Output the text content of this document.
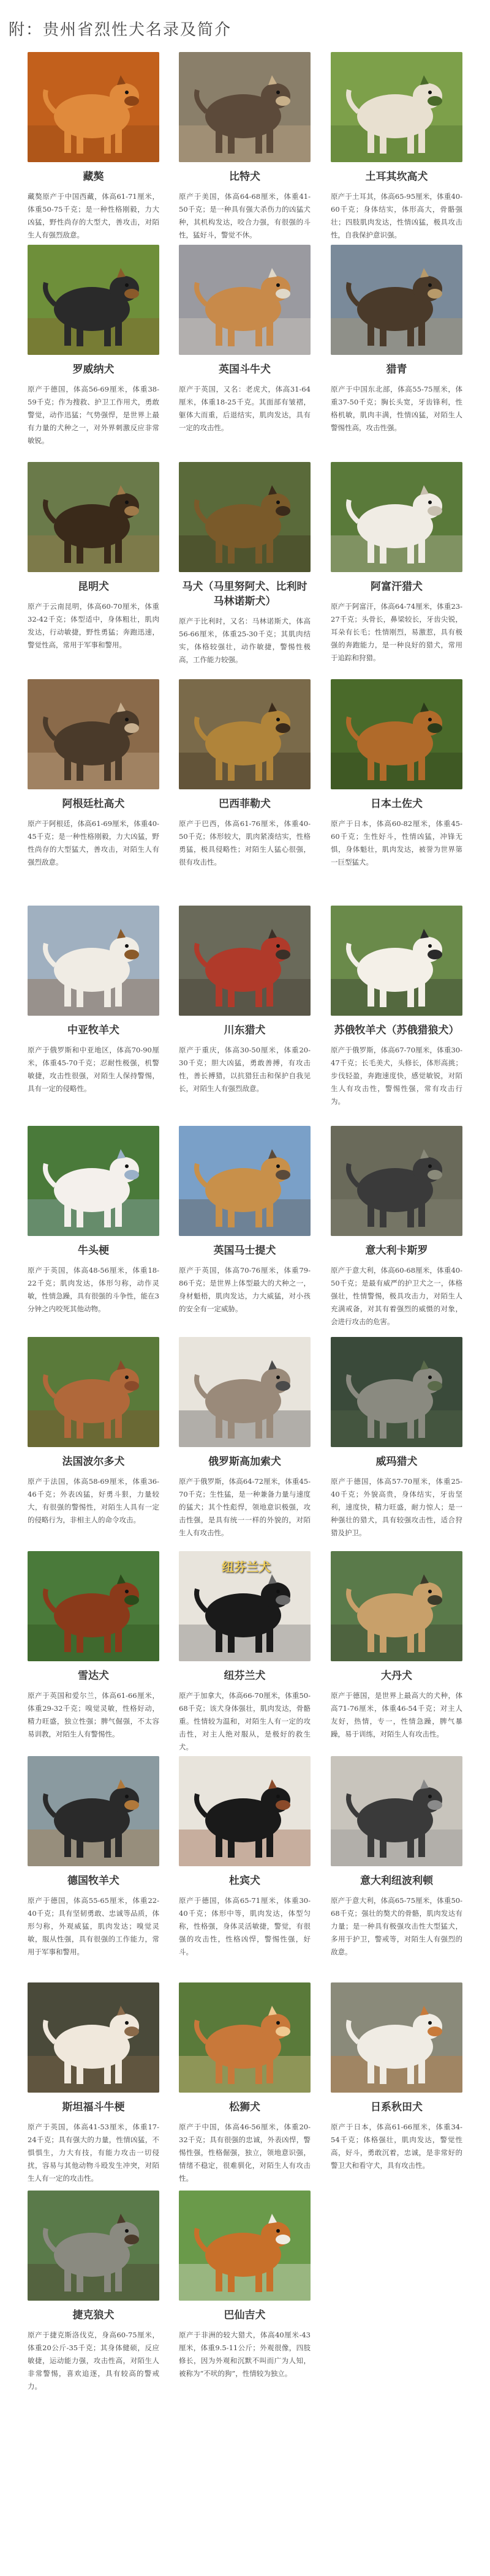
附：贵州省烈性犬名录及简介
藏獒

藏獒原产于中国西藏，体高61-71厘米，体重50-75千克；是一种性格刚毅，力大凶猛，野性尚存的大型犬，善攻击，对陌生人有强烈敌意。

比特犬

原产于美国，体高64-68厘米，体重41-50千克；是一种具有强大杀伤力的凶猛犬种，其机构发达，咬合力强，有很强的斗性，猛好斗，警觉不休。

土耳其坎高犬

原产于土耳其，体高65-95厘米，体重40-60千克；身体结实，体形高大，骨骼强壮；四肢肌肉发达，性情凶猛，极具攻击性，自我保护意识强。

罗威纳犬

原产于德国，体高56-69厘米，体重38-59千克；作为搜救、护卫工作用犬，勇敢警觉，动作迅猛；气势强悍，是世界上最有力量的犬种之一，对外界刺激反应非常敏锐。

英国斗牛犬

原产于英国，又名：老虎犬，体高31-64厘米，体重18-25千克。其面部有皱褶，躯体大而重，后退结实，肌肉发达，具有一定的攻击性。

猎青

原产于中国东北部，体高55-75厘米，体重37-50千克；胸长头宽，牙齿锋利，性格机敏，肌肉丰满，性情凶猛，对陌生人警惕性高，攻击性强。

昆明犬

原产于云南昆明，体高60-70厘米，体重32-42千克；体型适中，身体粗壮，肌肉发达，行动敏捷，野性勇猛；奔跑迅速，警觉性高，常用于军事和警用。

马犬（马里努阿犬、比利时马林诺斯犬）

原产于比利时，又名：马林诺斯犬，体高56-66厘米，体重25-30千克；其肌肉结实，体格较强壮，动作敏捷，警惕性极高，工作能力较强。

阿富汗猎犬

原产于阿富汗，体高64-74厘米，体重23-27千克；头骨长，鼻梁较长，牙齿尖锐，耳朵有长毛；性情刚烈，易激惹，具有极强的奔跑能力，是一种良好的猎犬，常用于追踪和狩猎。

阿根廷杜高犬

原产于阿根廷，体高61-69厘米，体重40-45千克；是一种性格刚毅，力大凶猛，野性尚存的大型猛犬，善攻击，对陌生人有强烈敌意。

巴西菲勒犬

原产于巴西，体高61-76厘米，体重40-50千克；体形较大，肌肉紧凑结实，性格勇猛，极具侵略性；对陌生人猛心很强，很有攻击性。

日本土佐犬

原产于日本，体高60-82厘米，体重45-60千克；生性好斗，性情凶猛，冲锋无惧，身体魁壮，肌肉发达，被誉为世界第一巨型猛犬。

中亚牧羊犬

原产于俄罗斯和中亚地区，体高70-90厘米，体重45-70千克；忍耐性极强，机警敏捷，攻击性很强，对陌生人保持警惕，具有一定的侵略性。

川东猎犬

原产于重庆，体高30-50厘米，体重20-30千克；胆大凶猛，勇敢善搏，有攻击性，善长搏猎，以抗猎狂击和保护自我见长，对陌生人有强烈敌意。

苏俄牧羊犬（苏俄猎狼犬）

原产于俄罗斯，体高67-70厘米，体重30-47千克；长毛美犬，头修长，体形高挑；步伐轻盈，奔跑速度快，感觉敏锐，对陌生人有攻击性，警惕性强，常有攻击行为。

牛头梗

原产于英国，体高48-56厘米，体重18-22千克；肌肉发达，体形匀称，动作灵敏，性情急躁，具有很强的斗争性，能在3分钟之内咬死其他动物。

英国马士提犬

原产于英国，体高70-76厘米，体重79-86千克；是世界上体型最大的犬种之一，身材魁梧，肌肉发达，力大威猛，对小孩的安全有一定威胁。

意大利卡斯罗

原产于意大利，体高60-68厘米，体重40-50千克；是最有威严的护卫犬之一，体格强壮，性情警惕，极具攻击力，对陌生人充满戒备，对其有着强烈的威慑的对象，会进行攻击的危害。

法国波尔多犬

原产于法国，体高58-69厘米，体重36-46千克；外表凶猛，好勇斗狠，力量较大，有很强的警惕性，对陌生人具有一定的侵略行为，非相主人的命令攻击。

俄罗斯高加索犬

原产于俄罗斯，体高64-72厘米，体重45-70千克；生性猛，是一种兼备力量与速度的猛犬；其个性彪悍，领地意识极强，攻击性强，是具有统一一样的外貌的，对陌生人有攻击性。

威玛猎犬

原产于德国，体高57-70厘米，体重25-40千克；外貌高贵，身体结实，牙齿坚利，速度快，精力旺盛，耐力惊人；是一种强壮的猎犬，具有较强攻击性，适合狩猎及护卫。

雪达犬

原产于英国和爱尔兰，体高61-66厘米，体重29-32千克；嗅觉灵敏，性格好动，精力旺盛，独立性强；脾气倔强，不太容易训教，对陌生人有警惕性。

纽芬兰犬
纽芬兰犬

原产于加拿大，体高66-70厘米，体重50-68千克；该犬身体强壮，肌肉发达，骨骼重。性情较为温和，对陌生人有一定的攻击性，对主人绝对服从，是极好的救生犬。

大丹犬

原产于德国，是世界上最高大的犬种，体高71-76厘米，体重46-54千克；对主人友好，热情，专一，性情急躁，脾气暴躁，易于训练，对陌生人有攻击性。

德国牧羊犬

原产于德国，体高55-65厘米，体重22-40千克；具有坚韧勇敢、忠诚等品质，体形匀称，外观威猛，肌肉发达；嗅觉灵敏，服从性强，具有很强的工作能力，常用于军事和警用。

杜宾犬

原产于德国，体高65-71厘米，体重30-40千克；体形中等，肌肉发达，体型匀称，性格强，身体灵活敏捷，警觉，有很强的攻击性，性格凶悍，警惕性强，好斗。

意大利纽波利顿

原产于意大利，体高65-75厘米，体重50-68千克；强壮的獒犬的骨骼，肌肉发达有力量；是一种具有极强攻击性大型猛犬，多用于护卫，警戒等，对陌生人有强烈的敌意。

斯坦福斗牛梗

原产于英国，体高41-53厘米，体重17-24千克；具有强大的力量，性情凶猛，不惧惧生，力大有技，有能力攻击一切侵扰，容易与其他动物斗殴发生冲突，对陌生人有一定的攻击性。

松狮犬

原产于中国，体高46-56厘米，体重20-32千克；具有很强的忠诚，外表凶悍，警惕性强，性格倔强，独立，领地意识强，情绪不稳定，很难驯化，对陌生人有攻击性。

日系秋田犬

原产于日本，体高61-66厘米，体重34-54千克；体格强壮，肌肉发达，警觉性高，好斗，勇敢沉着，忠诚，是非常好的警卫犬和看守犬，具有攻击性。

捷克狼犬

原产于捷克斯洛伐克，身高60-75厘米，体重20公斤-35千克；其身体健硕，反应敏捷，运动能力强，攻击性高，对陌生人非常警惕，喜欢追逐，具有较高的警戒力。

巴仙吉犬

原产于非洲的较大猎犬，体高40厘米-43厘米，体重9.5-11公斤；外观很像，四肢修长，因为外观和沉默不叫而广为人知，被称为“不吠的狗”，性情较为独立。
